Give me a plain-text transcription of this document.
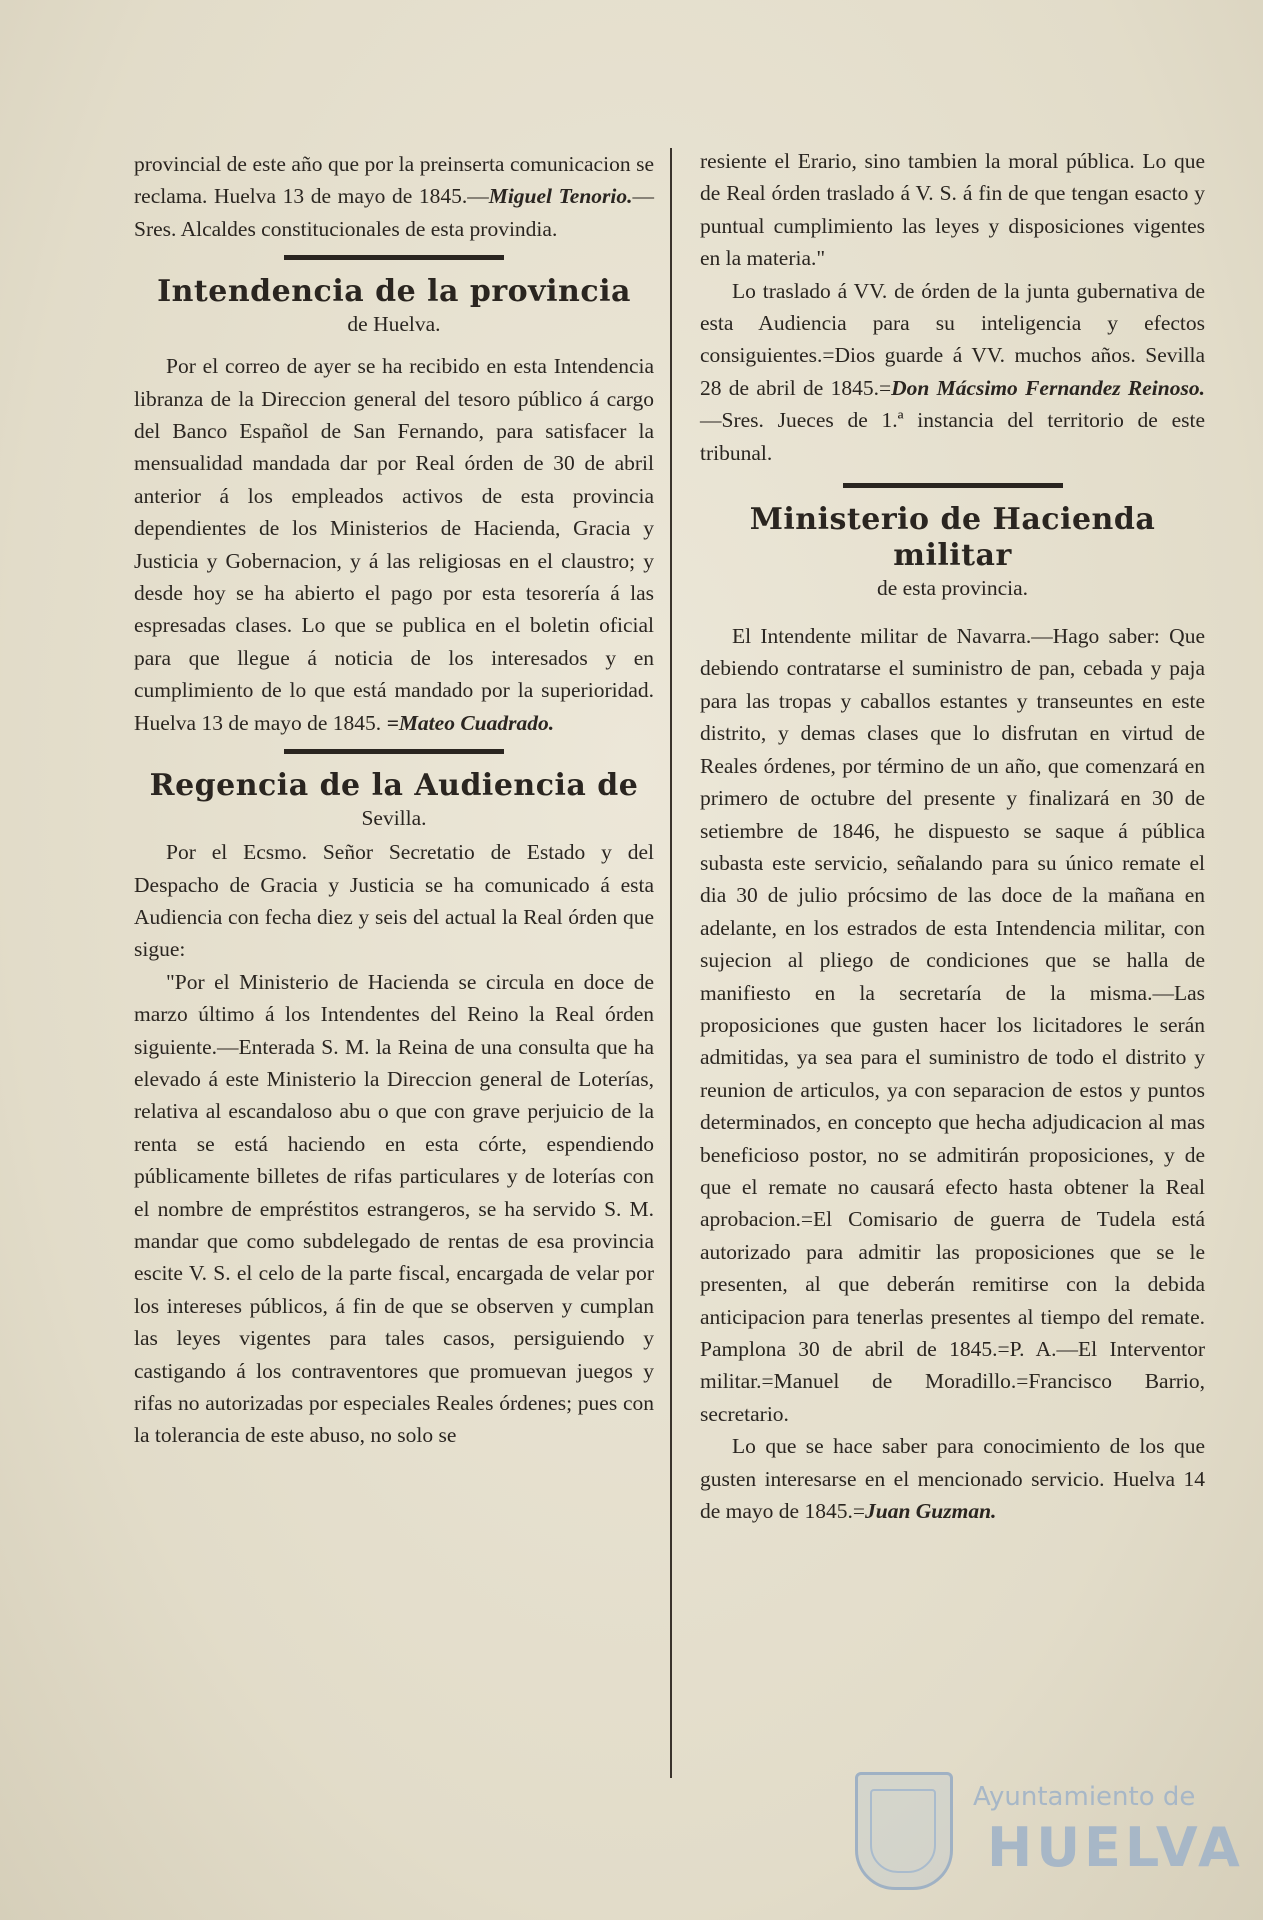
provincial de este año que por la preinserta comunicacion se reclama. Huelva 13 de mayo de 1845.—Miguel Tenorio.—Sres. Alcaldes constitucionales de esta provindia.

Intendencia de la provincia

de Huelva.

Por el correo de ayer se ha recibido en esta Intendencia libranza de la Direccion general del tesoro público á cargo del Banco Español de San Fernando, para satisfacer la mensualidad mandada dar por Real órden de 30 de abril anterior á los empleados activos de esta provincia dependientes de los Ministerios de Hacienda, Gracia y Justicia y Gobernacion, y á las religiosas en el claustro; y desde hoy se ha abierto el pago por esta tesorería á las espresadas clases. Lo que se publica en el boletin oficial para que llegue á noticia de los interesados y en cumplimiento de lo que está mandado por la superioridad. Huelva 13 de mayo de 1845. =Mateo Cuadrado.

Regencia de la Audiencia de

Sevilla.

Por el Ecsmo. Señor Secretatio de Estado y del Despacho de Gracia y Justicia se ha comunicado á esta Audiencia con fecha diez y seis del actual la Real órden que sigue:

"Por el Ministerio de Hacienda se circula en doce de marzo último á los Intendentes del Reino la Real órden siguiente.—Enterada S. M. la Reina de una consulta que ha elevado á este Ministerio la Direccion general de Loterías, relativa al escandaloso abu o que con grave perjuicio de la renta se está haciendo en esta córte, espendiendo públicamente billetes de rifas particulares y de loterías con el nombre de empréstitos estrangeros, se ha servido S. M. mandar que como subdelegado de rentas de esa provincia escite V. S. el celo de la parte fiscal, encargada de velar por los intereses públicos, á fin de que se observen y cumplan las leyes vigentes para tales casos, persiguiendo y castigando á los contraventores que promuevan juegos y rifas no autorizadas por especiales Reales órdenes; pues con la tolerancia de este abuso, no solo se

resiente el Erario, sino tambien la moral pública. Lo que de Real órden traslado á V. S. á fin de que tengan esacto y puntual cumplimiento las leyes y disposiciones vigentes en la materia."

Lo traslado á VV. de órden de la junta gubernativa de esta Audiencia para su inteligencia y efectos consiguientes.=Dios guarde á VV. muchos años. Sevilla 28 de abril de 1845.=Don Mácsimo Fernandez Reinoso.—Sres. Jueces de 1.ª instancia del territorio de este tribunal.

Ministerio de Hacienda militar

de esta provincia.

El Intendente militar de Navarra.—Hago saber: Que debiendo contratarse el suministro de pan, cebada y paja para las tropas y caballos estantes y transeuntes en este distrito, y demas clases que lo disfrutan en virtud de Reales órdenes, por término de un año, que comenzará en primero de octubre del presente y finalizará en 30 de setiembre de 1846, he dispuesto se saque á pública subasta este servicio, señalando para su único remate el dia 30 de julio prócsimo de las doce de la mañana en adelante, en los estrados de esta Intendencia militar, con sujecion al pliego de condiciones que se halla de manifiesto en la secretaría de la misma.—Las proposiciones que gusten hacer los licitadores le serán admitidas, ya sea para el suministro de todo el distrito y reunion de articulos, ya con separacion de estos y puntos determinados, en concepto que hecha adjudicacion al mas beneficioso postor, no se admitirán proposiciones, y de que el remate no causará efecto hasta obtener la Real aprobacion.=El Comisario de guerra de Tudela está autorizado para admitir las proposiciones que se le presenten, al que deberán remitirse con la debida anticipacion para tenerlas presentes al tiempo del remate. Pamplona 30 de abril de 1845.=P. A.—El Interventor militar.=Manuel de Moradillo.=Francisco Barrio, secretario.

Lo que se hace saber para conocimiento de los que gusten interesarse en el mencionado servicio. Huelva 14 de mayo de 1845.=Juan Guzman.

Ayuntamiento de
HUELVA
